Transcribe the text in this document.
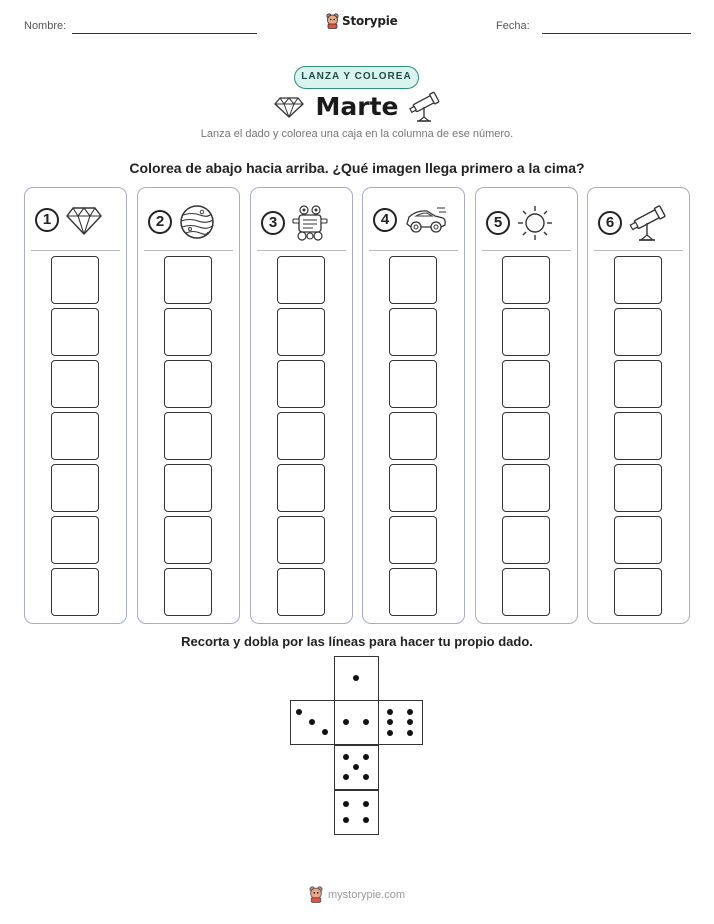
Nombre:	Storypie	Fecha:
LANZA Y COLOREA
Marte
Lanza el dado y colorea una caja en la columna de ese número.
Colorea de abajo hacia arriba. ¿Qué imagen llega primero a la cima?
1	2	3	4	5	6
Recorta y dobla por las líneas para hacer tu propio dado.
mystorypie.com
